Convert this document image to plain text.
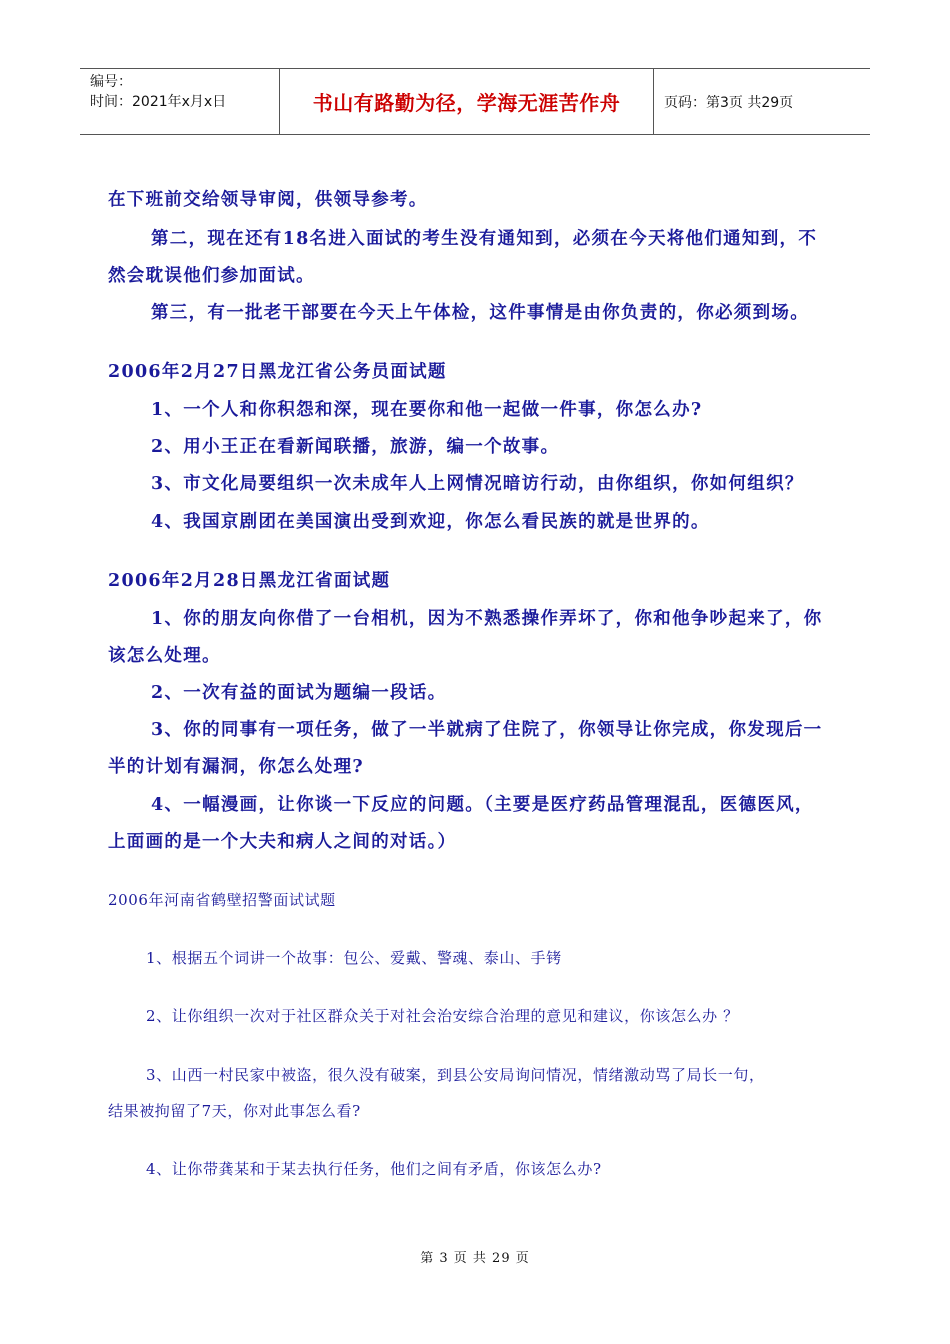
编号：
时间：2021年x月x日	书山有路勤为径，学海无涯苦作舟	页码：第3页 共29页
在下班前交给领导审阅，供领导参考。
第二，现在还有18名进入面试的考生没有通知到，必须在今天将他们通知到，不
然会耽误他们参加面试。
第三，有一批老干部要在今天上午体检，这件事情是由你负责的，你必须到场。
2006年2月27日黑龙江省公务员面试题
1、一个人和你积怨和深，现在要你和他一起做一件事，你怎么办?
2、用小王正在看新闻联播，旅游，编一个故事。
3、市文化局要组织一次未成年人上网情况暗访行动，由你组织，你如何组织？
4、我国京剧团在美国演出受到欢迎，你怎么看民族的就是世界的。
2006年2月28日黑龙江省面试题
1、你的朋友向你借了一台相机，因为不熟悉操作弄坏了，你和他争吵起来了，你
该怎么处理。
2、一次有益的面试为题编一段话。
3、你的同事有一项任务，做了一半就病了住院了，你领导让你完成，你发现后一
半的计划有漏洞，你怎么处理?
4、一幅漫画，让你谈一下反应的问题。（主要是医疗药品管理混乱，医德医风，
上面画的是一个大夫和病人之间的对话。）
2006年河南省鹤壁招警面试试题
1、根据五个词讲一个故事：包公、爱戴、警魂、泰山、手铐
2、让你组织一次对于社区群众关于对社会治安综合治理的意见和建议，你该怎么办 ？
3、山西一村民家中被盗，很久没有破案，到县公安局询问情况，情绪激动骂了局长一句，
结果被拘留了7天，你对此事怎么看?
4、让你带龚某和于某去执行任务，他们之间有矛盾，你该怎么办?
第 3 页 共 29 页
